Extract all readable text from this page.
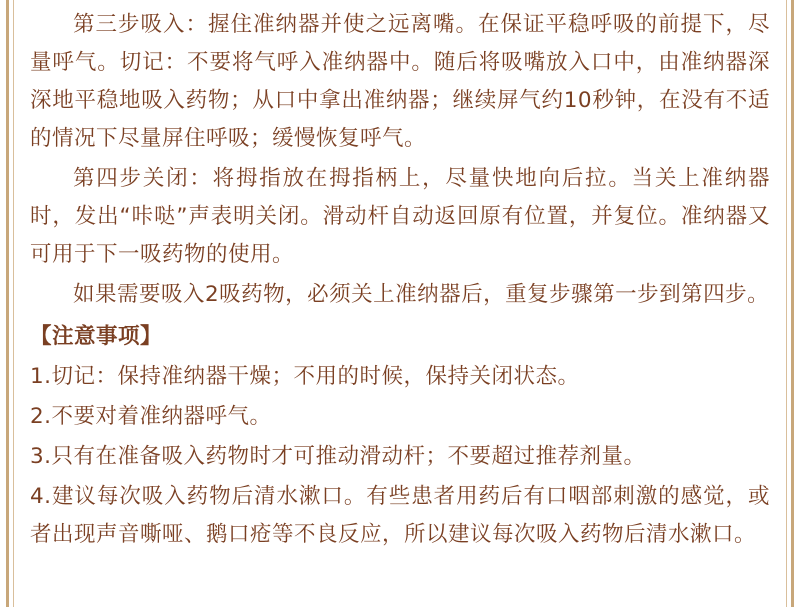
第三步吸入：握住准纳器并使之远离嘴。在保证平稳呼吸的前提下，尽量呼气。切记：不要将气呼入准纳器中。随后将吸嘴放入口中，由准纳器深深地平稳地吸入药物；从口中拿出准纳器；继续屏气约10秒钟，在没有不适的情况下尽量屏住呼吸；缓慢恢复呼气。

第四步关闭：将拇指放在拇指柄上，尽量快地向后拉。当关上准纳器时，发出“咔哒”声表明关闭。滑动杆自动返回原有位置，并复位。准纳器又可用于下一吸药物的使用。

如果需要吸入2吸药物，必须关上准纳器后，重复步骤第一步到第四步。

【注意事项】

1.切记：保持准纳器干燥；不用的时候，保持关闭状态。

2.不要对着准纳器呼气。

3.只有在准备吸入药物时才可推动滑动杆；不要超过推荐剂量。

4.建议每次吸入药物后清水漱口。有些患者用药后有口咽部刺激的感觉，或者出现声音嘶哑、鹅口疮等不良反应，所以建议每次吸入药物后清水漱口。
